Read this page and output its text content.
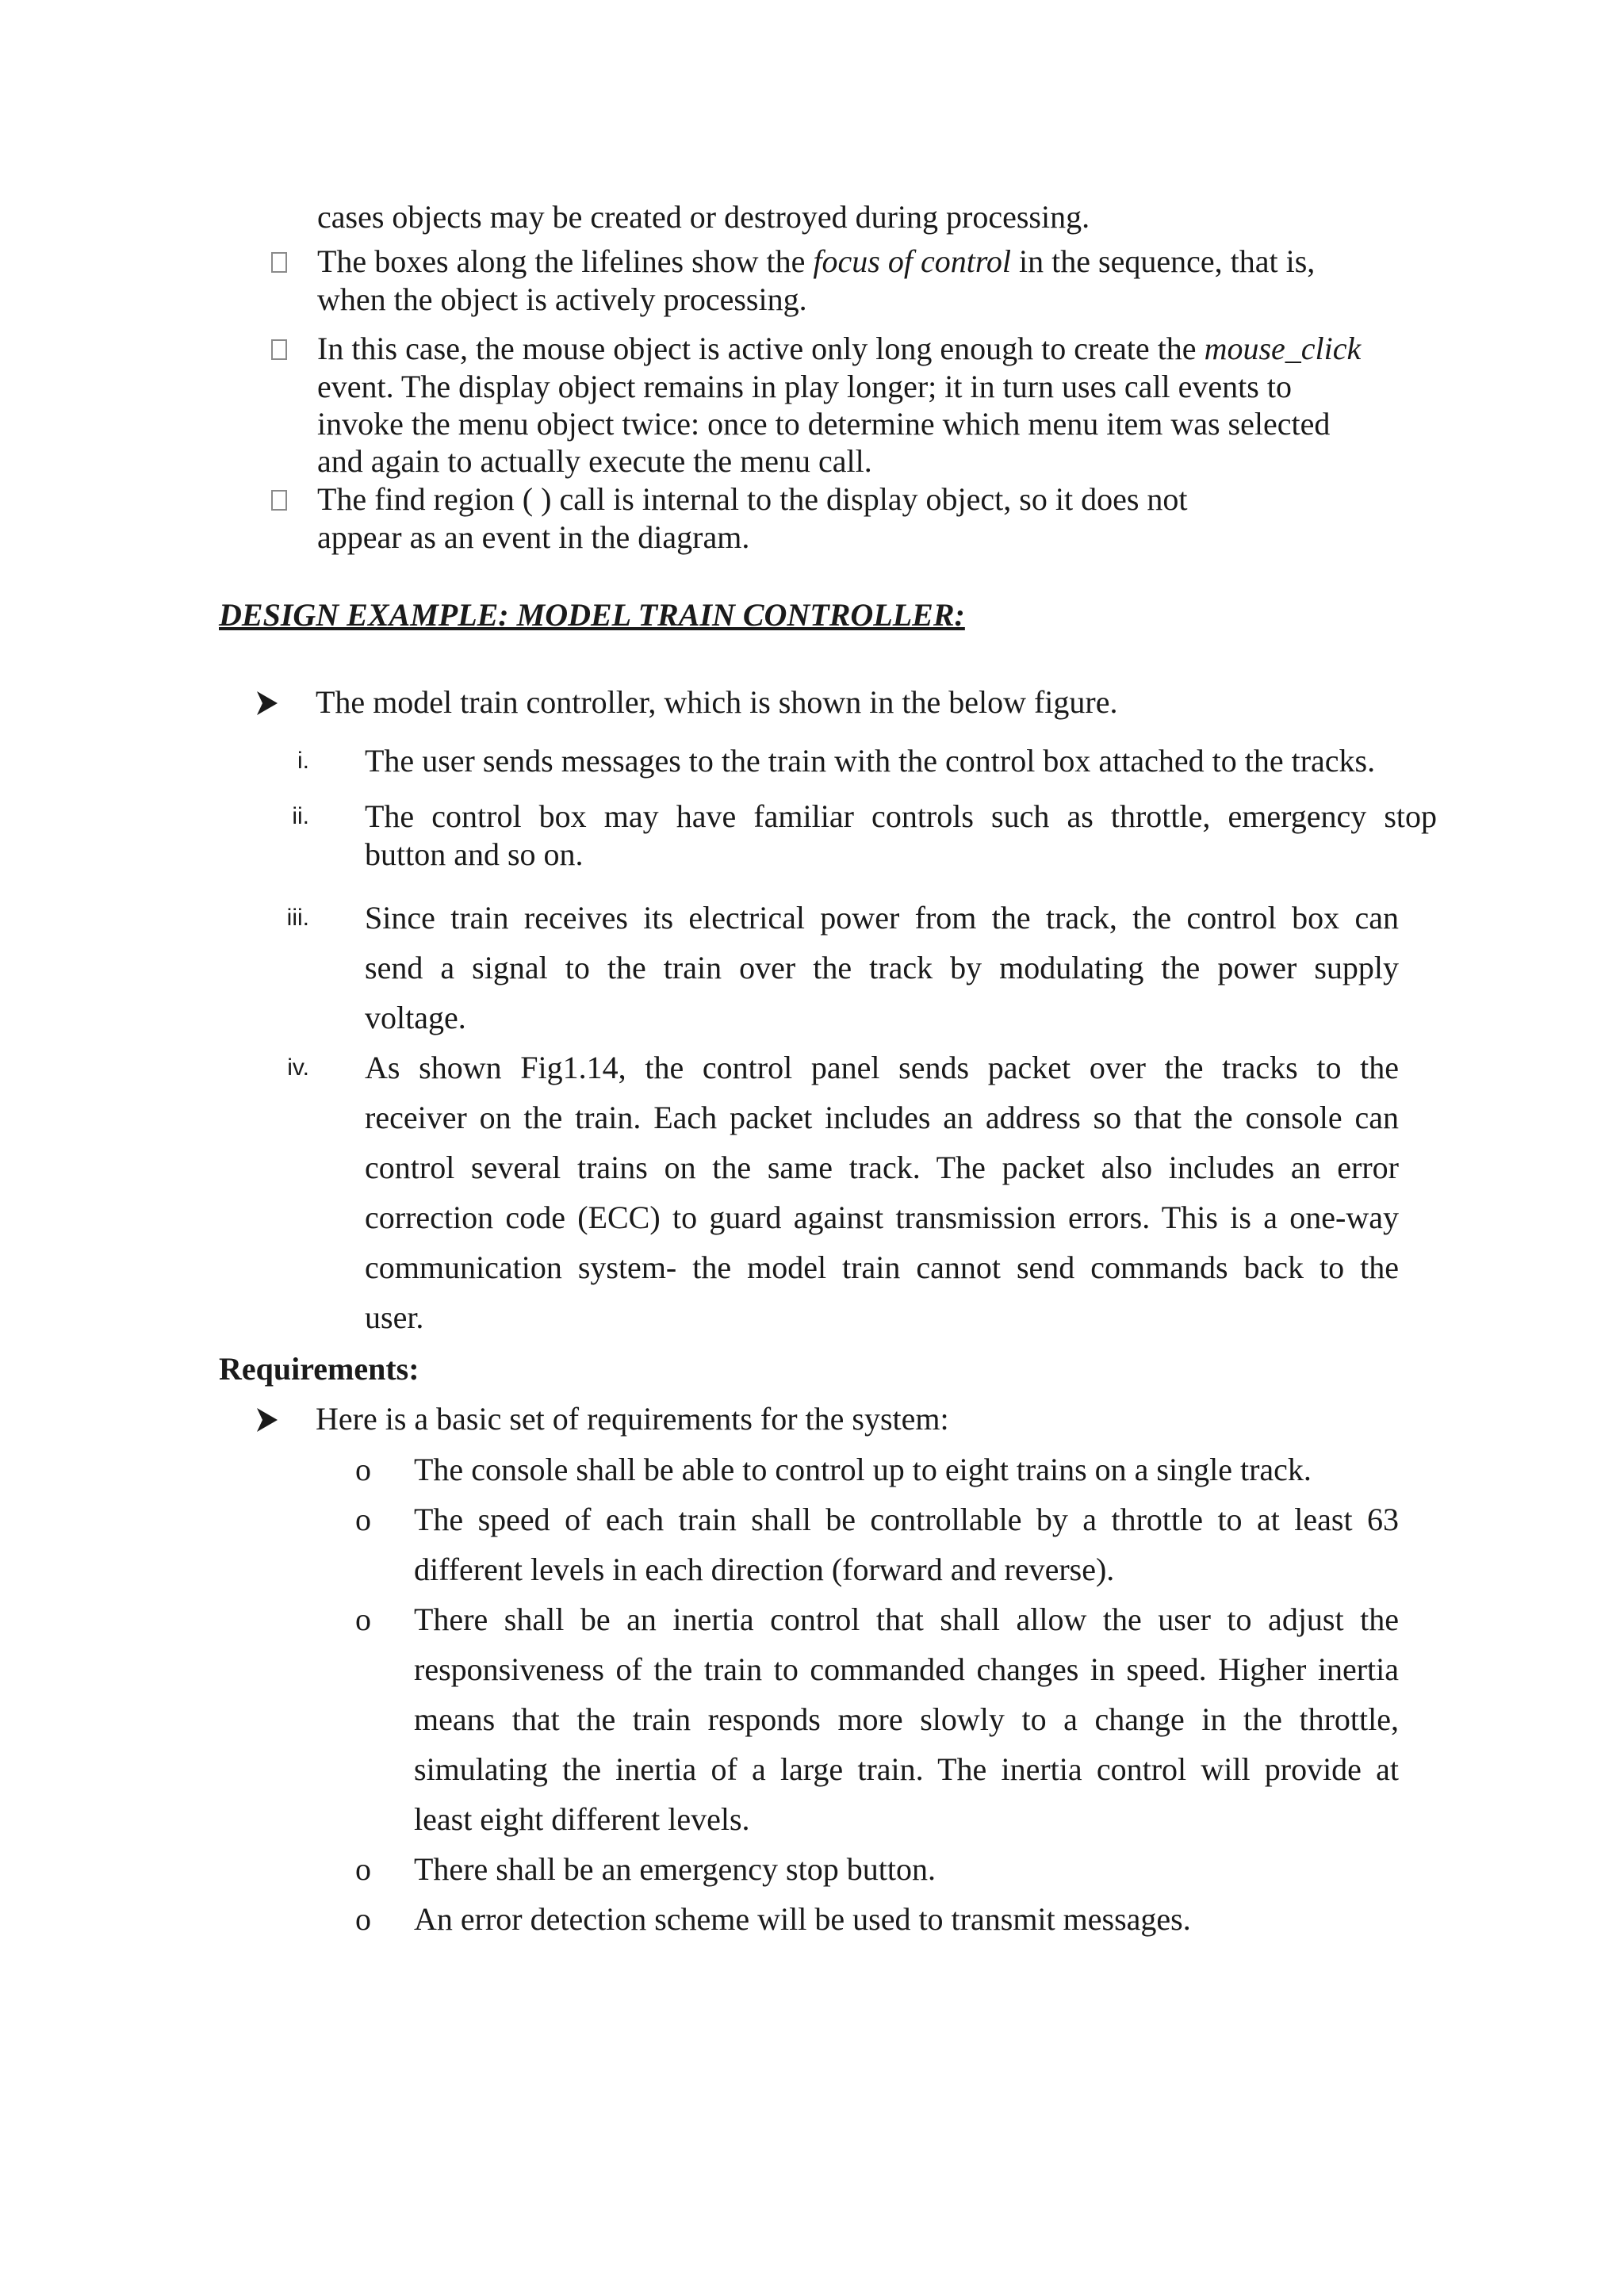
cases objects may be created or destroyed during processing.
The boxes along the lifelines show the focus of control in the sequence, that is,
when the object is actively processing.
In this case, the mouse object is active only long enough to create the mouse_click
event. The display object remains in play longer; it in turn uses call events to
invoke the menu object twice: once to determine which menu item was selected
and again to actually execute the menu call.
The find region ( ) call is internal to the display object, so it does not
appear as an event in the diagram.
DESIGN EXAMPLE: MODEL TRAIN CONTROLLER:
The model train controller, which is shown in the below figure.
i. The user sends messages to the train with the control box attached to the tracks.
ii. The control box may have familiar controls such as throttle, emergency stop
button and so on.
iii. Since train receives its electrical power from the track, the control box can
send a signal to the train over the track by modulating the power supply
voltage.
iv. As shown Fig1.14, the control panel sends packet over the tracks to the
receiver on the train. Each packet includes an address so that the console can
control several trains on the same track. The packet also includes an error
correction code (ECC) to guard against transmission errors. This is a one-way
communication system- the model train cannot send commands back to the
user.
Requirements:
Here is a basic set of requirements for the system:
o The console shall be able to control up to eight trains on a single track.
o The speed of each train shall be controllable by a throttle to at least 63
different levels in each direction (forward and reverse).
o There shall be an inertia control that shall allow the user to adjust the
responsiveness of the train to commanded changes in speed. Higher inertia
means that the train responds more slowly to a change in the throttle,
simulating the inertia of a large train. The inertia control will provide at
least eight different levels.
o There shall be an emergency stop button.
o An error detection scheme will be used to transmit messages.
